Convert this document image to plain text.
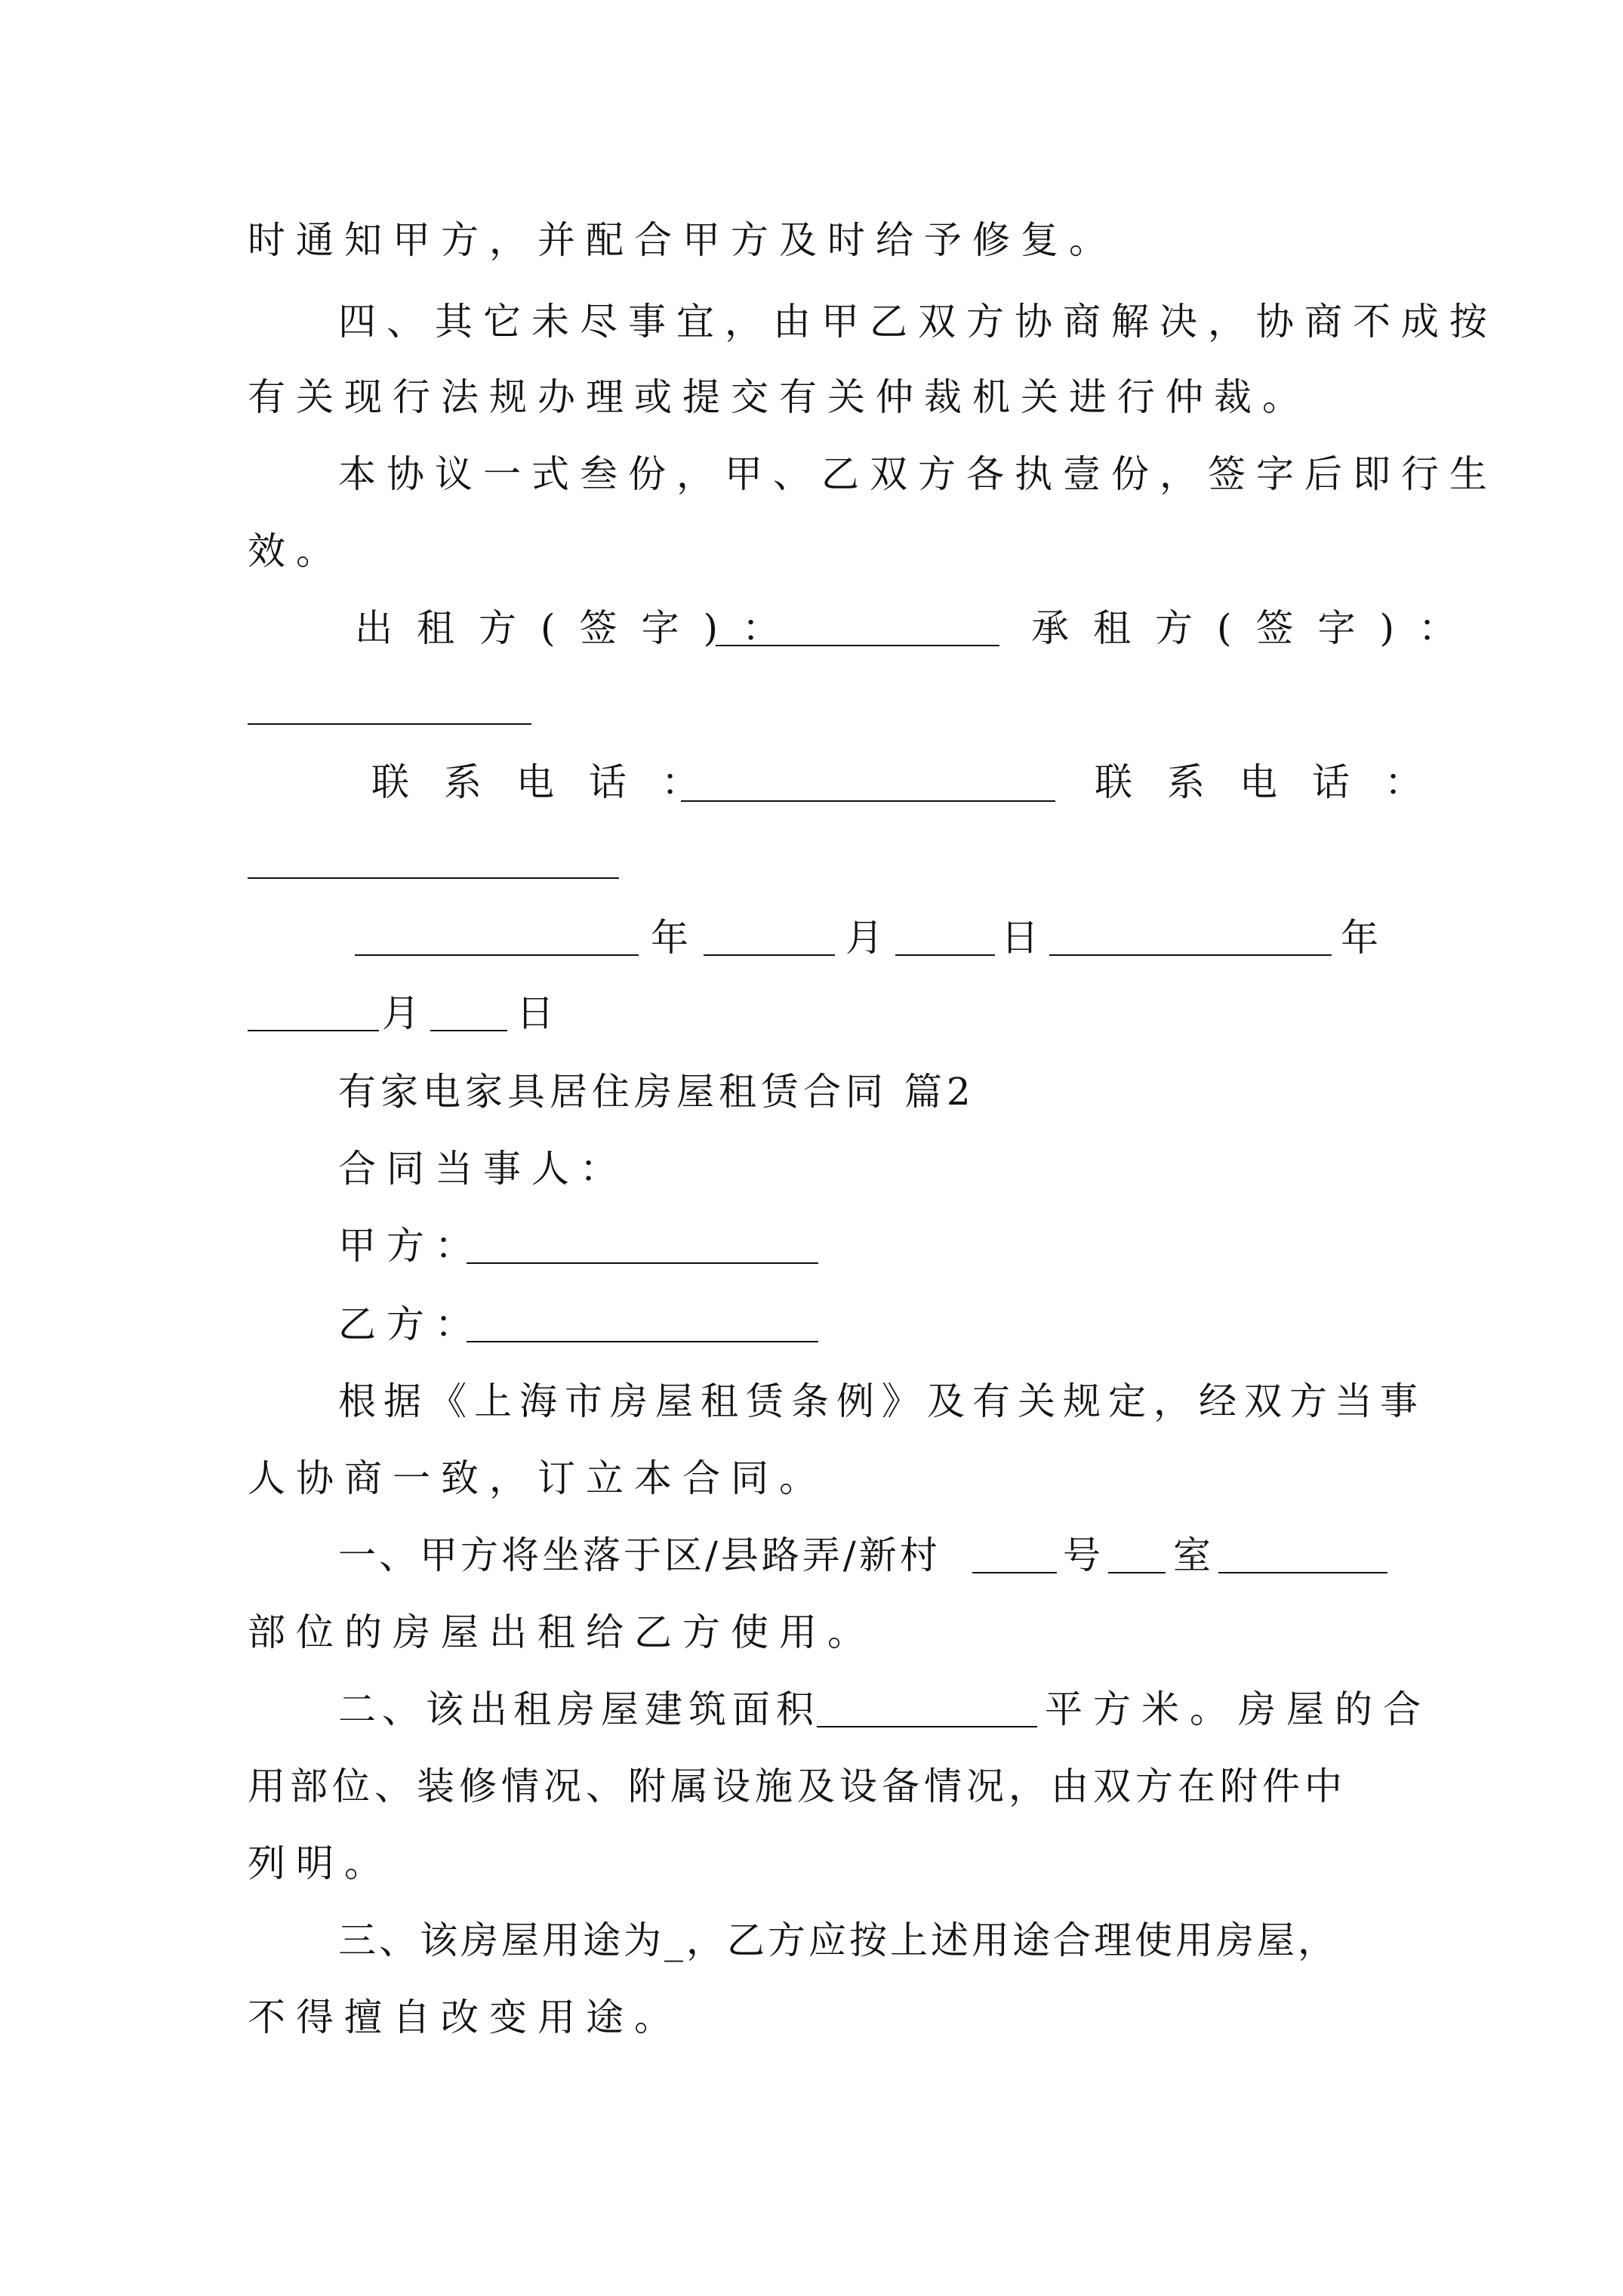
时通知甲方，并配合甲方及时给予修复。
四、其它未尽事宜，由甲乙双方协商解决，协商不成按
有关现行法规办理或提交有关仲裁机关进行仲裁。
本协议一式叁份，甲、乙双方各执壹份，签字后即行生
效。
出租方(签字)：	承租方(签字)：
联系电话：	联系电话：
年	月	日	年
月 日
有家电家具居住房屋租赁合同 篇2
合同当事人：
甲方：
乙方：
根据《上海市房屋租赁条例》及有关规定，经双方当事
人协商一致，订立本合同。
一、甲方将坐落于区/县路弄/新村	号 室
部位的房屋出租给乙方使用。
二、该出租房屋建筑面积	平方米。房屋的合
用部位、装修情况、附属设施及设备情况，由双方在附件中
列明。
三、该房屋用途为_，乙方应按上述用途合理使用房屋，
不得擅自改变用途。
